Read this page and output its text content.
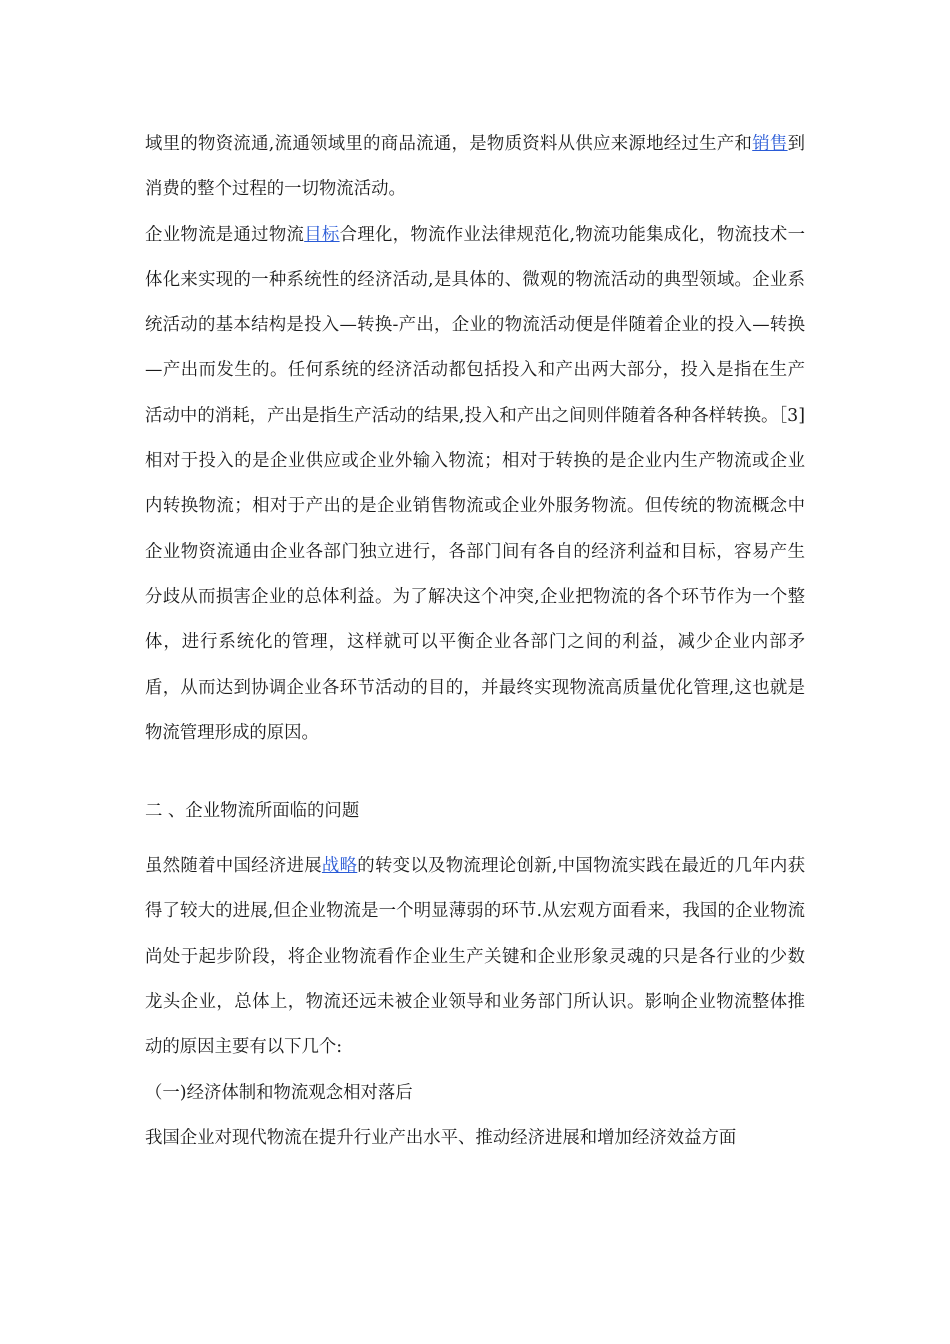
域里的物资流通,流通领域里的商品流通，是物质资料从供应来源地经过生产和销售到消费的整个过程的一切物流活动。

企业物流是通过物流目标合理化，物流作业法律规范化,物流功能集成化，物流技术一体化来实现的一种系统性的经济活动,是具体的、微观的物流活动的典型领域。企业系统活动的基本结构是投入—转换-产出，企业的物流活动便是伴随着企业的投入—转换—产出而发生的。任何系统的经济活动都包括投入和产出两大部分，投入是指在生产活动中的消耗，产出是指生产活动的结果,投入和产出之间则伴随着各种各样转换。［3]相对于投入的是企业供应或企业外输入物流；相对于转换的是企业内生产物流或企业内转换物流；相对于产出的是企业销售物流或企业外服务物流。但传统的物流概念中企业物资流通由企业各部门独立进行，各部门间有各自的经济利益和目标，容易产生分歧从而损害企业的总体利益。为了解决这个冲突,企业把物流的各个环节作为一个整体，进行系统化的管理，这样就可以平衡企业各部门之间的利益，减少企业内部矛盾，从而达到协调企业各环节活动的目的，并最终实现物流高质量优化管理,这也就是物流管理形成的原因。

二 、企业物流所面临的问题

虽然随着中国经济进展战略的转变以及物流理论创新,中国物流实践在最近的几年内获得了较大的进展,但企业物流是一个明显薄弱的环节.从宏观方面看来，我国的企业物流尚处于起步阶段，将企业物流看作企业生产关键和企业形象灵魂的只是各行业的少数龙头企业，总体上，物流还远未被企业领导和业务部门所认识。影响企业物流整体推动的原因主要有以下几个:

（一)经济体制和物流观念相对落后

我国企业对现代物流在提升行业产出水平、推动经济进展和增加经济效益方面
